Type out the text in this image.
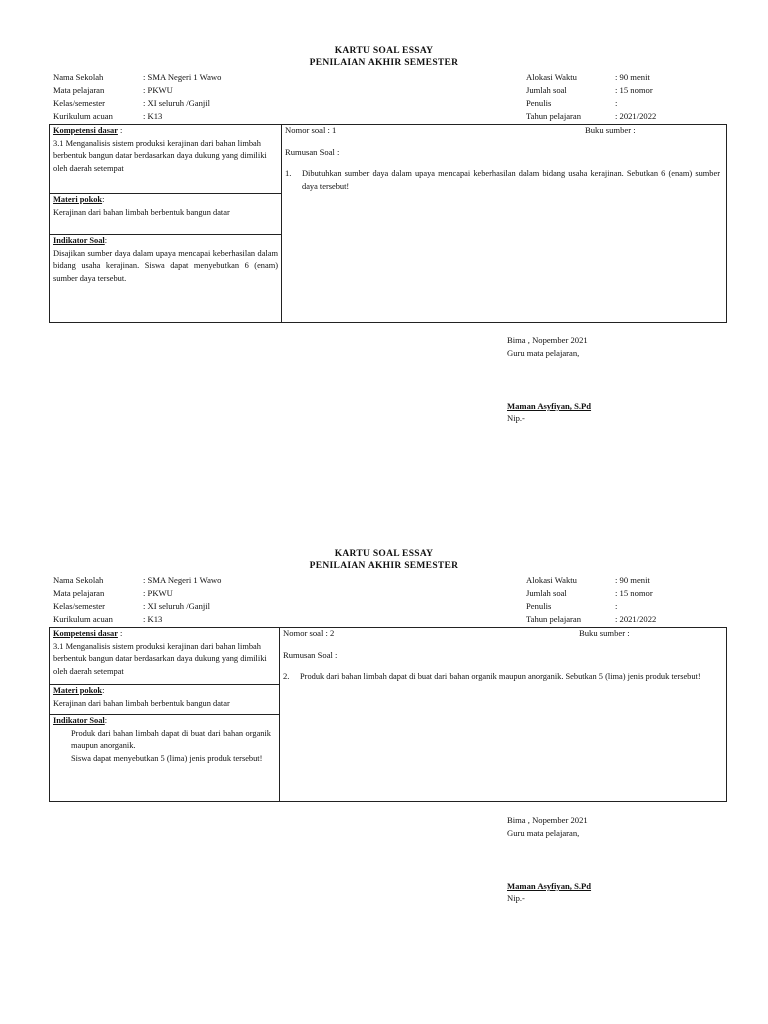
KARTU SOAL ESSAY
PENILAIAN AKHIR SEMESTER
Nama Sekolah	: SMA Negeri 1 Wawo
Mata pelajaran	: PKWU
Kelas/semester	: XI seluruh /Ganjil
Kurikulum acuan	: K13
Alokasi Waktu	: 90 menit
Jumlah soal	: 15 nomor
Penulis	:
Tahun pelajaran	: 2021/2022
Kompetensi dasar :
3.1 Menganalisis sistem produksi kerajinan dari bahan limbah berbentuk bangun datar berdasarkan daya dukung yang dimiliki oleh daerah setempat
Materi pokok:
Kerajinan dari bahan limbah berbentuk bangun datar
Indikator Soal:
Disajikan sumber daya dalam upaya mencapai keberhasilan dalam bidang usaha kerajinan. Siswa dapat menyebutkan 6 (enam) sumber daya tersebut.
Nomor soal : 1	Buku sumber :
Rumusan Soal :
1. Dibutuhkan sumber daya dalam upaya mencapai keberhasilan dalam bidang usaha kerajinan. Sebutkan 6 (enam) sumber daya tersebut!
Bima , Nopember 2021
Guru mata pelajaran,
Maman Asyfiyan, S.Pd
Nip.-
KARTU SOAL ESSAY
PENILAIAN AKHIR SEMESTER
Nama Sekolah	: SMA Negeri 1 Wawo
Mata pelajaran	: PKWU
Kelas/semester	: XI seluruh /Ganjil
Kurikulum acuan	: K13
Alokasi Waktu	: 90 menit
Jumlah soal	: 15 nomor
Penulis	:
Tahun pelajaran	: 2021/2022
Kompetensi dasar :
3.1 Menganalisis sistem produksi kerajinan dari bahan limbah berbentuk bangun datar berdasarkan daya dukung yang dimiliki oleh daerah setempat
Materi pokok:
Kerajinan dari bahan limbah berbentuk bangun datar
Indikator Soal:
Produk dari bahan limbah dapat di buat dari bahan organik maupun anorganik.
Siswa dapat menyebutkan 5 (lima) jenis produk tersebut!
Nomor soal : 2	Buku sumber :
Rumusan Soal :
2. Produk dari bahan limbah dapat di buat dari bahan organik maupun anorganik. Sebutkan 5 (lima) jenis produk tersebut!
Bima , Nopember 2021
Guru mata pelajaran,
Maman Asyfiyan, S.Pd
Nip.-
